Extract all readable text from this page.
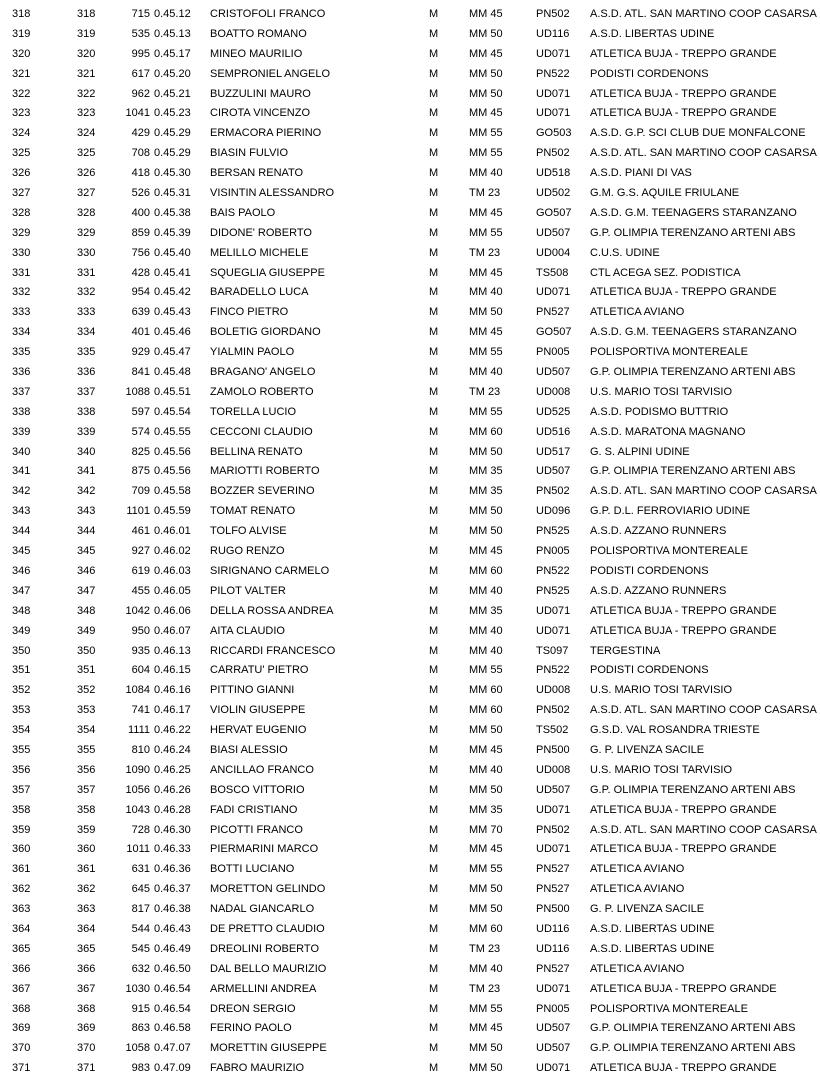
318	318	715 0.45.12 CRISTOFOLI FRANCO	M	MM 45	PN502 A.S.D. ATL. SAN MARTINO COOP CASARSA
319	319	535 0.45.13 BOATTO ROMANO	M	MM 50	UD116 A.S.D. LIBERTAS UDINE
320	320	995 0.45.17 MINEO MAURILIO	M	MM 45	UD071 ATLETICA BUJA - TREPPO GRANDE
321	321	617 0.45.20 SEMPRONIEL ANGELO	M	MM 50	PN522 PODISTI CORDENONS
322	322	962 0.45.21 BUZZULINI MAURO	M	MM 50	UD071 ATLETICA BUJA - TREPPO GRANDE
323	323	1041 0.45.23 CIROTA VINCENZO	M	MM 45	UD071 ATLETICA BUJA - TREPPO GRANDE
324	324	429 0.45.29 ERMACORA PIERINO	M	MM 55	GO503 A.S.D. G.P. SCI CLUB DUE MONFALCONE
325	325	708 0.45.29 BIASIN FULVIO	M	MM 55	PN502 A.S.D. ATL. SAN MARTINO COOP CASARSA
326	326	418 0.45.30 BERSAN RENATO	M	MM 40	UD518 A.S.D. PIANI DI VAS
327	327	526 0.45.31 VISINTIN ALESSANDRO	M	TM 23	UD502 G.M. G.S. AQUILE FRIULANE
328	328	400 0.45.38 BAIS PAOLO	M	MM 45	GO507 A.S.D. G.M. TEENAGERS STARANZANO
329	329	859 0.45.39 DIDONE' ROBERTO	M	MM 55	UD507 G.P. OLIMPIA TERENZANO ARTENI ABS
330	330	756 0.45.40 MELILLO MICHELE	M	TM 23	UD004 C.U.S. UDINE
331	331	428 0.45.41 SQUEGLIA GIUSEPPE	M	MM 45	TS508 CTL ACEGA SEZ. PODISTICA
332	332	954 0.45.42 BARADELLO LUCA	M	MM 40	UD071 ATLETICA BUJA - TREPPO GRANDE
333	333	639 0.45.43 FINCO PIETRO	M	MM 50	PN527 ATLETICA AVIANO
334	334	401 0.45.46 BOLETIG GIORDANO	M	MM 45	GO507 A.S.D. G.M. TEENAGERS STARANZANO
335	335	929 0.45.47 YIALMIN PAOLO	M	MM 55	PN005 POLISPORTIVA MONTEREALE
336	336	841 0.45.48 BRAGANO' ANGELO	M	MM 40	UD507 G.P. OLIMPIA TERENZANO ARTENI ABS
337	337	1088 0.45.51 ZAMOLO ROBERTO	M	TM 23	UD008 U.S. MARIO TOSI TARVISIO
338	338	597 0.45.54 TORELLA LUCIO	M	MM 55	UD525 A.S.D. PODISMO BUTTRIO
339	339	574 0.45.55 CECCONI CLAUDIO	M	MM 60	UD516 A.S.D. MARATONA MAGNANO
340	340	825 0.45.56 BELLINA RENATO	M	MM 50	UD517 G. S. ALPINI UDINE
341	341	875 0.45.56 MARIOTTI ROBERTO	M	MM 35	UD507 G.P. OLIMPIA TERENZANO ARTENI ABS
342	342	709 0.45.58 BOZZER SEVERINO	M	MM 35	PN502 A.S.D. ATL. SAN MARTINO COOP CASARSA
343	343	1101 0.45.59 TOMAT RENATO	M	MM 50	UD096 G.P. D.L. FERROVIARIO UDINE
344	344	461 0.46.01 TOLFO ALVISE	M	MM 50	PN525 A.S.D. AZZANO RUNNERS
345	345	927 0.46.02 RUGO RENZO	M	MM 45	PN005 POLISPORTIVA MONTEREALE
346	346	619 0.46.03 SIRIGNANO CARMELO	M	MM 60	PN522 PODISTI CORDENONS
347	347	455 0.46.05 PILOT VALTER	M	MM 40	PN525 A.S.D. AZZANO RUNNERS
348	348	1042 0.46.06 DELLA ROSSA ANDREA	M	MM 35	UD071 ATLETICA BUJA - TREPPO GRANDE
349	349	950 0.46.07 AITA CLAUDIO	M	MM 40	UD071 ATLETICA BUJA - TREPPO GRANDE
350	350	935 0.46.13 RICCARDI FRANCESCO	M	MM 40	TS097 TERGESTINA
351	351	604 0.46.15 CARRATU' PIETRO	M	MM 55	PN522 PODISTI CORDENONS
352	352	1084 0.46.16 PITTINO GIANNI	M	MM 60	UD008 U.S. MARIO TOSI TARVISIO
353	353	741 0.46.17 VIOLIN GIUSEPPE	M	MM 60	PN502 A.S.D. ATL. SAN MARTINO COOP CASARSA
354	354	1111 0.46.22 HERVAT EUGENIO	M	MM 50	TS502 G.S.D. VAL ROSANDRA TRIESTE
355	355	810 0.46.24 BIASI ALESSIO	M	MM 45	PN500 G. P. LIVENZA SACILE
356	356	1090 0.46.25 ANCILLAO FRANCO	M	MM 40	UD008 U.S. MARIO TOSI TARVISIO
357	357	1056 0.46.26 BOSCO VITTORIO	M	MM 50	UD507 G.P. OLIMPIA TERENZANO ARTENI ABS
358	358	1043 0.46.28 FADI CRISTIANO	M	MM 35	UD071 ATLETICA BUJA - TREPPO GRANDE
359	359	728 0.46.30 PICOTTI FRANCO	M	MM 70	PN502 A.S.D. ATL. SAN MARTINO COOP CASARSA
360	360	1011 0.46.33 PIERMARINI MARCO	M	MM 45	UD071 ATLETICA BUJA - TREPPO GRANDE
361	361	631 0.46.36 BOTTI LUCIANO	M	MM 55	PN527 ATLETICA AVIANO
362	362	645 0.46.37 MORETTON GELINDO	M	MM 50	PN527 ATLETICA AVIANO
363	363	817 0.46.38 NADAL GIANCARLO	M	MM 50	PN500 G. P. LIVENZA SACILE
364	364	544 0.46.43 DE PRETTO CLAUDIO	M	MM 60	UD116 A.S.D. LIBERTAS UDINE
365	365	545 0.46.49 DREOLINI ROBERTO	M	TM 23	UD116 A.S.D. LIBERTAS UDINE
366	366	632 0.46.50 DAL BELLO MAURIZIO	M	MM 40	PN527 ATLETICA AVIANO
367	367	1030 0.46.54 ARMELLINI ANDREA	M	TM 23	UD071 ATLETICA BUJA - TREPPO GRANDE
368	368	915 0.46.54 DREON SERGIO	M	MM 55	PN005 POLISPORTIVA MONTEREALE
369	369	863 0.46.58 FERINO PAOLO	M	MM 45	UD507 G.P. OLIMPIA TERENZANO ARTENI ABS
370	370	1058 0.47.07 MORETTIN GIUSEPPE	M	MM 50	UD507 G.P. OLIMPIA TERENZANO ARTENI ABS
371	371	983 0.47.09 FABRO MAURIZIO	M	MM 50	UD071 ATLETICA BUJA - TREPPO GRANDE
